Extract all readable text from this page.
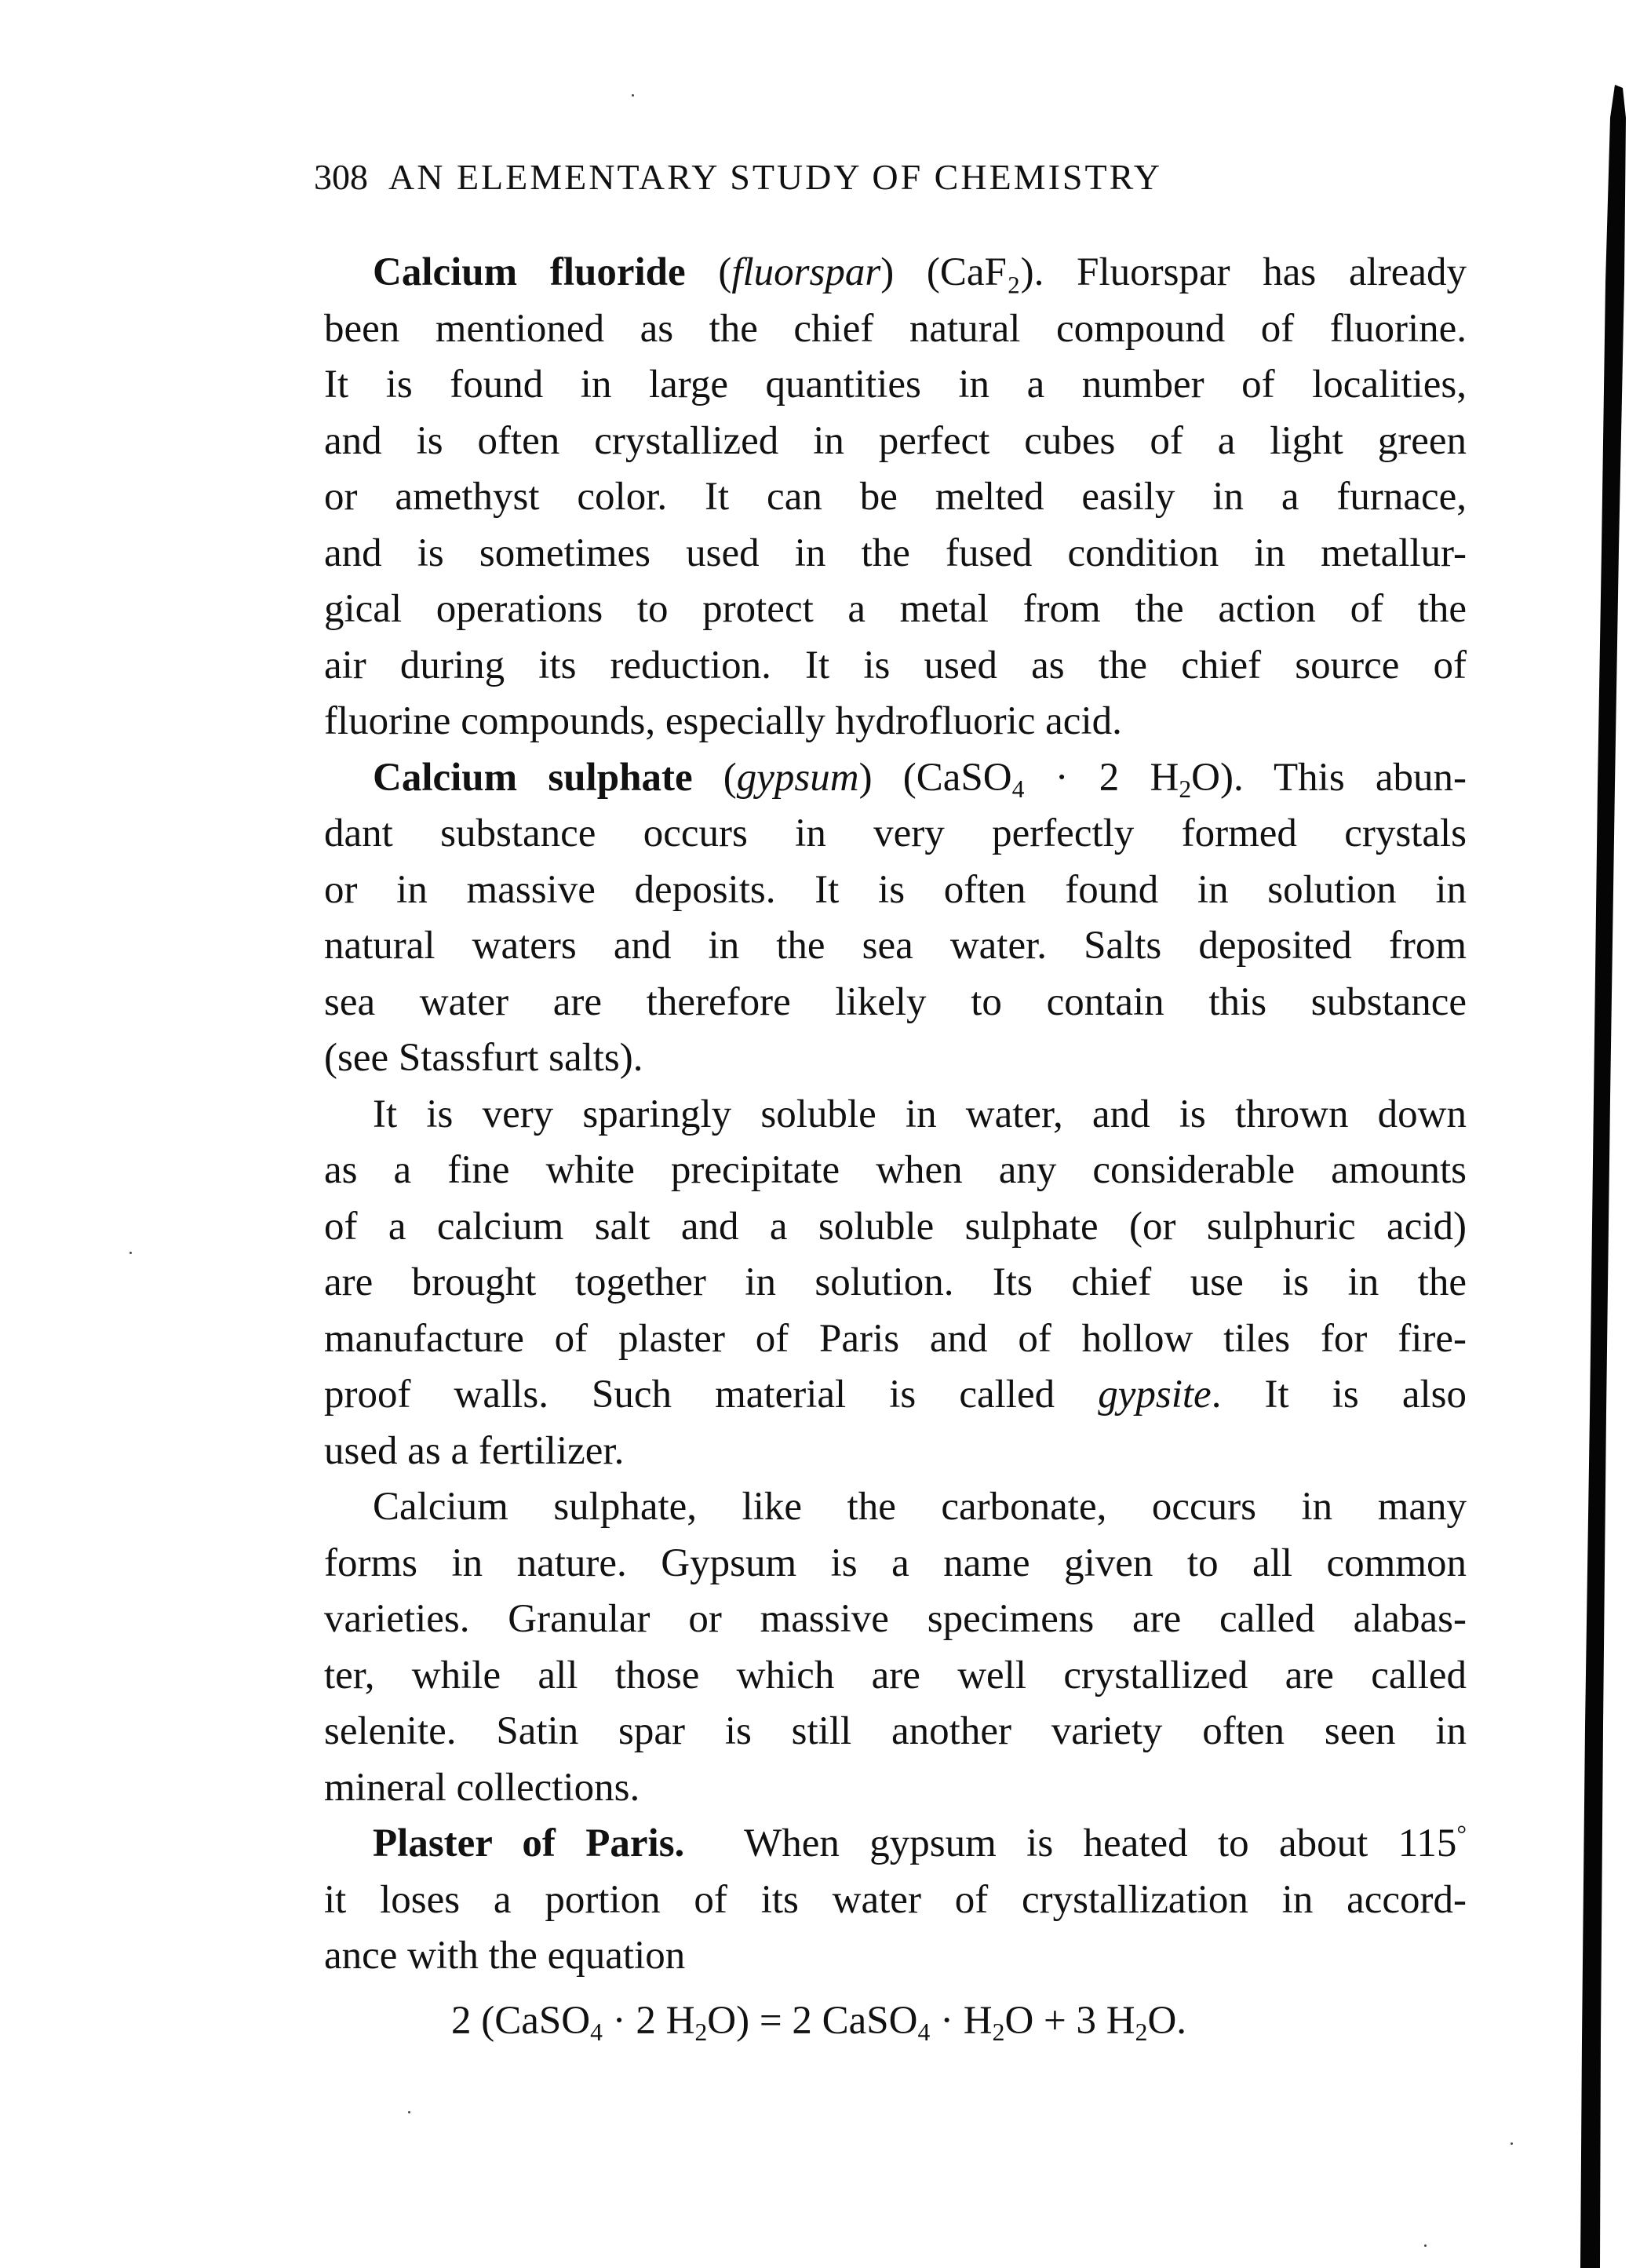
308 AN ELEMENTARY STUDY OF CHEMISTRY
Calcium fluoride (fluorspar) (CaF₂). Fluorspar has already
been mentioned as the chief natural compound of fluorine.
It is found in large quantities in a number of localities,
and is often crystallized in perfect cubes of a light green
or amethyst color. It can be melted easily in a furnace,
and is sometimes used in the fused condition in metallur-
gical operations to protect a metal from the action of the
air during its reduction. It is used as the chief source of
fluorine compounds, especially hydrofluoric acid.
Calcium sulphate (gypsum) (CaSO$_4$ · 2 $H_2O$). This abun-
dant substance occurs in very perfectly formed crystals
or in massive deposits. It is often found in solution in
natural waters and in the sea water. Salts deposited from
sea water are therefore likely to contain this substance
(see Stassfurt salts).
It is very sparingly soluble in water, and is thrown down
as a fine white precipitate when any considerable amounts
of a calcium salt and a soluble sulphate (or sulphuric acid)
are brought together in solution. Its chief use is in the
manufacture of plaster of Paris and of hollow tiles for fire-
proof walls. Such material is called gypsite. It is also
used as a fertilizer.
Calcium sulphate, like the carbonate, occurs in many
forms in nature. Gypsum is a name given to all common
varieties. Granular or massive specimens are called alabas-
ter, while all those which are well crystallized are called
selenite. Satin spar is still another variety often seen in
mineral collections.
Plaster of Paris. When gypsum is heated to about 115°
it loses a portion of its water of crystallization in accord-
ance with the equation
2 (CaSO$_4$ · 2 $H_2O) = 2$ CaSO$_4$ · $H_2O + 3$ $H_2O$.
